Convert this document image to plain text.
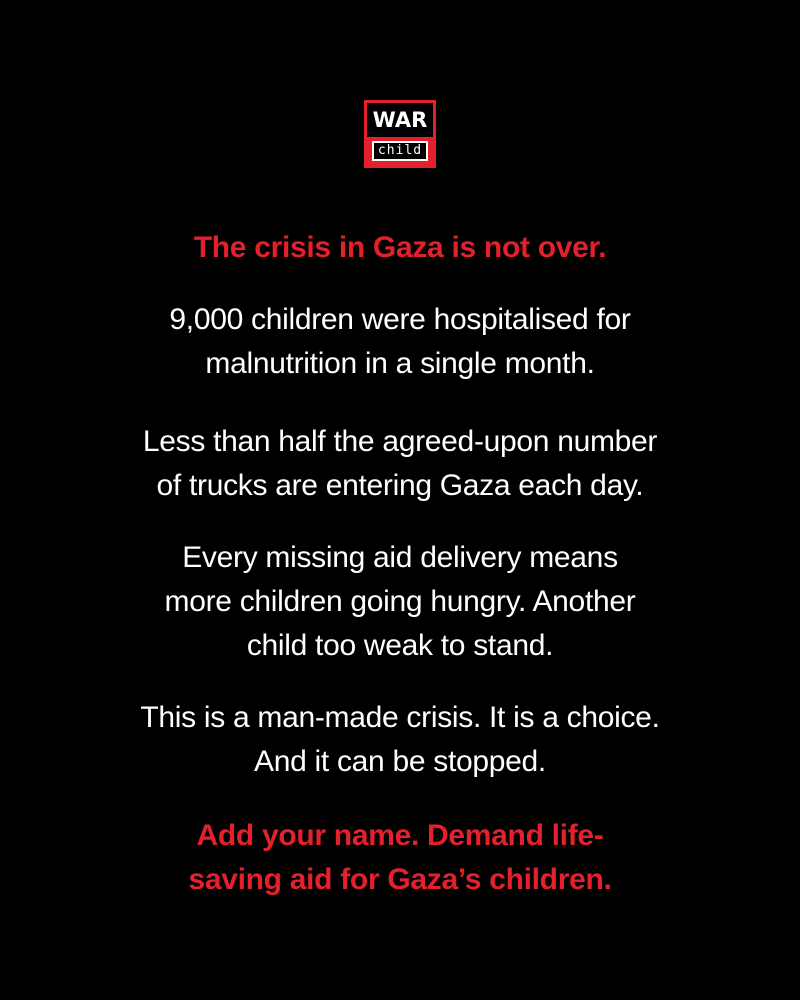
WAR
child

The crisis in Gaza is not over.

9,000 children were hospitalised for
malnutrition in a single month.

Less than half the agreed-upon number
of trucks are entering Gaza each day.

Every missing aid delivery means
more children going hungry. Another
child too weak to stand.

This is a man-made crisis. It is a choice.
And it can be stopped.

Add your name. Demand life-
saving aid for Gaza’s children.
